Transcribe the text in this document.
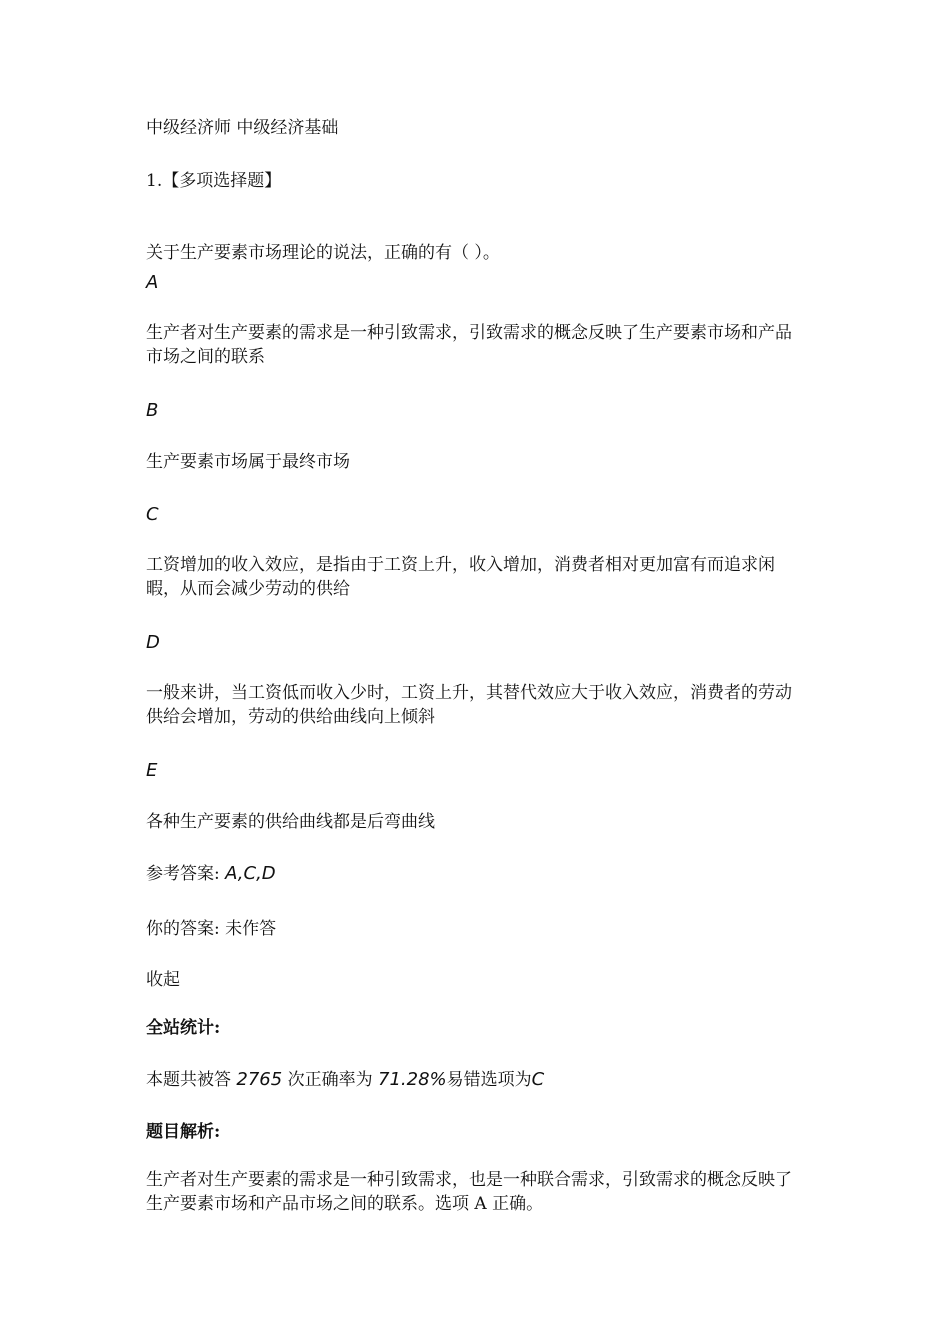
中级经济师 中级经济基础
1.【多项选择题】
关于生产要素市场理论的说法，正确的有（ ）。
A
生产者对生产要素的需求是一种引致需求，引致需求的概念反映了生产要素市场和产品市场之间的联系
B
生产要素市场属于最终市场
C
工资增加的收入效应，是指由于工资上升，收入增加，消费者相对更加富有而追求闲暇，从而会减少劳动的供给
D
一般来讲，当工资低而收入少时，工资上升，其替代效应大于收入效应，消费者的劳动供给会增加，劳动的供给曲线向上倾斜
E
各种生产要素的供给曲线都是后弯曲线
参考答案: A,C,D
你的答案: 未作答
收起
全站统计:
本题共被答 2765 次正确率为 71.28%易错选项为C
题目解析:
生产者对生产要素的需求是一种引致需求，也是一种联合需求，引致需求的概念反映了生产要素市场和产品市场之间的联系。选项 A 正确。
